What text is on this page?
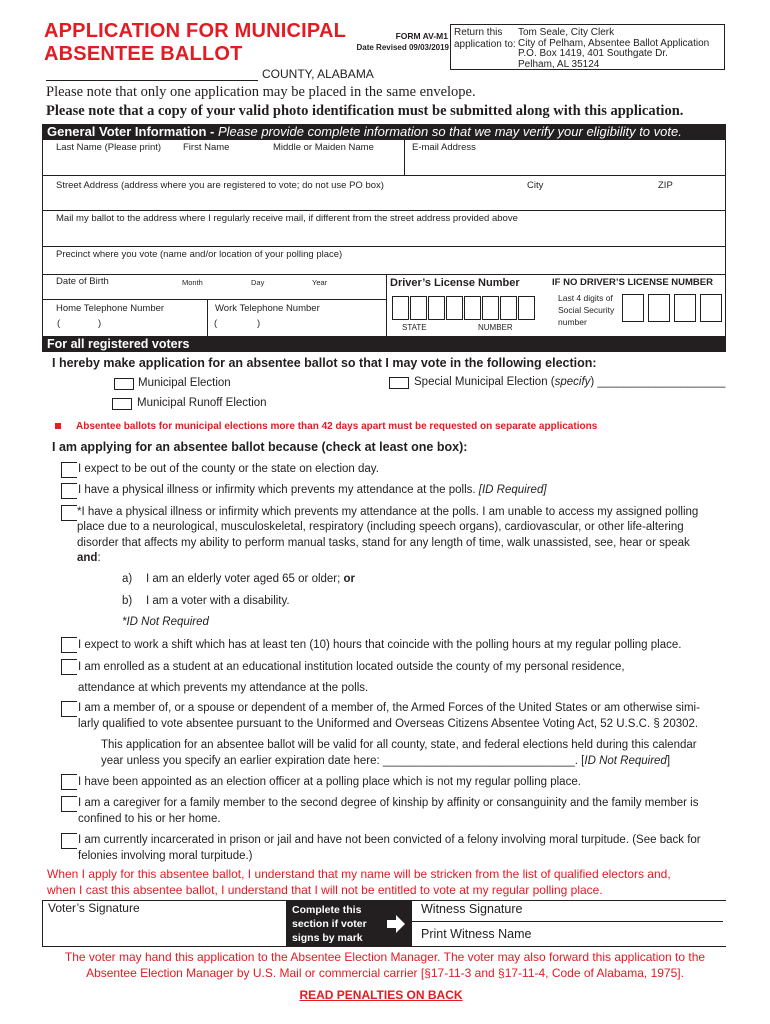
APPLICATION FOR MUNICIPAL
ABSENTEE BALLOT
FORM AV-M1
Date Revised 09/03/2019
Return this
application to:
Tom Seale, City Clerk
City of Pelham, Absentee Ballot Application
P.O. Box 1419, 401 Southgate Dr.
Pelham, AL 35124
COUNTY, ALABAMA
Please note that only one application may be placed in the same envelope.
Please note that a copy of your valid photo identification must be submitted along with this application.
General Voter Information - Please provide complete information so that we may verify your eligibility to vote.
Last Name (Please print) First Name	Middle or Maiden Name	E-mail Address
Street Address (address where you are registered to vote; do not use PO box)	City	ZIP
Mail my ballot to the address where I regularly receive mail, if different from the street address provided above
Precinct where you vote (name and/or location of your polling place)
Date of Birth	Month	Day	Year
Home Telephone Number
(	)
Work Telephone Number
(	)
Driver’s License Number
STATE	NUMBER
IF NO DRIVER’S LICENSE NUMBER
Last 4 digits of
Social Security
number
For all registered voters
I hereby make application for an absentee ballot so that I may vote in the following election:
Municipal Election	Special Municipal Election (specify) ____________________
Municipal Runoff Election
Absentee ballots for municipal elections more than 42 days apart must be requested on separate applications
I am applying for an absentee ballot because (check at least one box):
I expect to be out of the county or the state on election day.
I have a physical illness or infirmity which prevents my attendance at the polls. [ID Required]
*I have a physical illness or infirmity which prevents my attendance at the polls. I am unable to access my assigned polling
place due to a neurological, musculoskeletal, respiratory (including speech organs), cardiovascular, or other life-altering
disorder that affects my ability to perform manual tasks, stand for any length of time, walk unassisted, see, hear or speak
and:
a) I am an elderly voter aged 65 or older; or
b) I am a voter with a disability.
*ID Not Required
I expect to work a shift which has at least ten (10) hours that coincide with the polling hours at my regular polling place.
I am enrolled as a student at an educational institution located outside the county of my personal residence,
attendance at which prevents my attendance at the polls.
I am a member of, or a spouse or dependent of a member of, the Armed Forces of the United States or am otherwise simi-
larly qualified to vote absentee pursuant to the Uniformed and Overseas Citizens Absentee Voting Act, 52 U.S.C. § 20302.
This application for an absentee ballot will be valid for all county, state, and federal elections held during this calendar
year unless you specify an earlier expiration date here: ______________________________. [ID Not Required]
I have been appointed as an election officer at a polling place which is not my regular polling place.
I am a caregiver for a family member to the second degree of kinship by affinity or consanguinity and the family member is
confined to his or her home.
I am currently incarcerated in prison or jail and have not been convicted of a felony involving moral turpitude. (See back for
felonies involving moral turpitude.)
When I apply for this absentee ballot, I understand that my name will be stricken from the list of qualified electors and,
when I cast this absentee ballot, I understand that I will not be entitled to vote at my regular polling place.
Voter’s Signature	Complete this
section if voter
signs by mark
Witness Signature
Print Witness Name
The voter may hand this application to the Absentee Election Manager. The voter may also forward this application to the
Absentee Election Manager by U.S. Mail or commercial carrier [§17-11-3 and §17-11-4, Code of Alabama, 1975].
READ PENALTIES ON BACK
